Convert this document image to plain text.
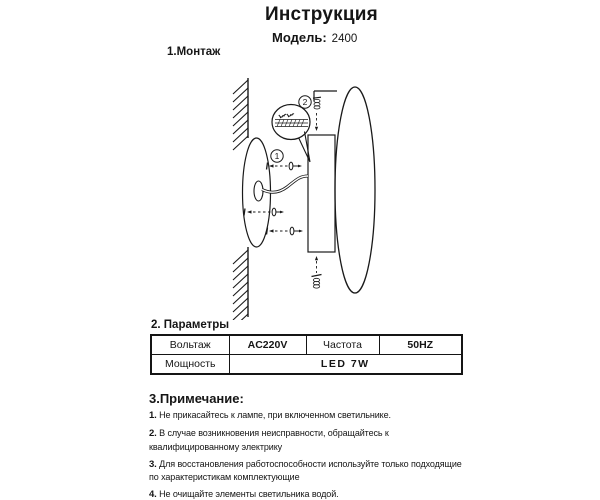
Инструкция
Модель: 2400
1.Монтаж
1
2
2. Параметры
Вольтаж	AC220V	Частота	50HZ
Мощность	LED 7W		
3.Примечание:

1. Не прикасайтесь к лампе, при включенном светильнике.

2. В случае возникновения неисправности, обращайтесь к квалифицированному электрику

3. Для восстановления работоспособности используйте только подходящие по характеристикам комплектующие

4. Не очищайте элементы светильника водой.
